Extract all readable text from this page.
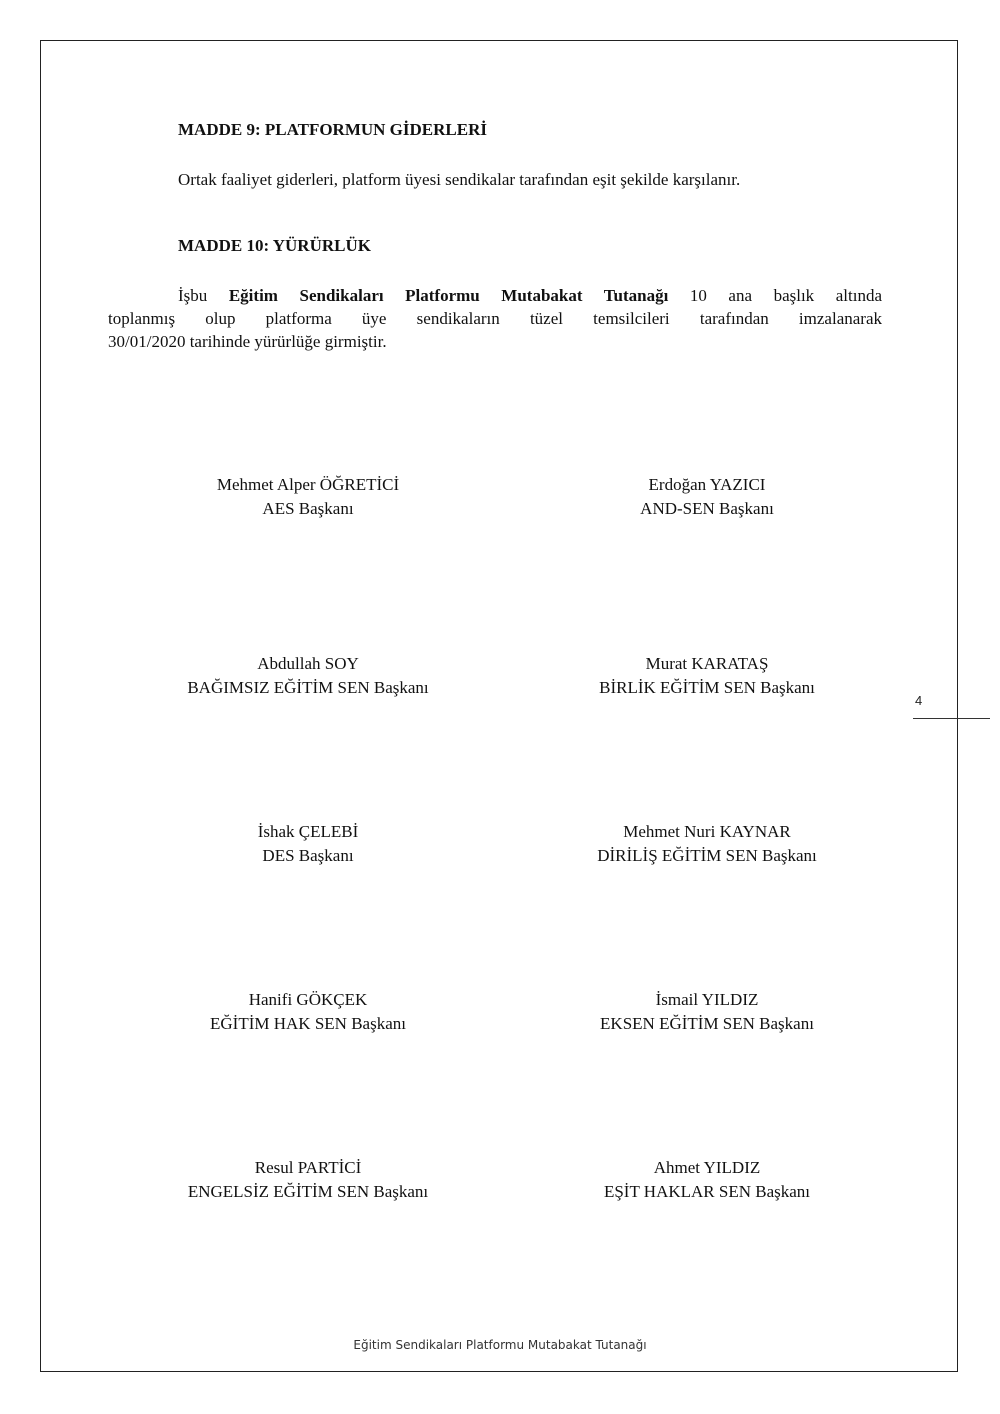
MADDE 9: PLATFORMUN GİDERLERİ
Ortak faaliyet giderleri, platform üyesi sendikalar tarafından eşit şekilde karşılanır.
MADDE 10: YÜRÜRLÜK
İşbu Eğitim Sendikaları Platformu Mutabakat Tutanağı 10 ana başlık altında
toplanmış olup platforma üye sendikaların tüzel temsilcileri tarafından imzalanarak
30/01/2020 tarihinde yürürlüğe girmiştir.
Mehmet Alper ÖĞRETİCİ
AES Başkanı
Erdoğan YAZICI
AND-SEN Başkanı
Abdullah SOY
BAĞIMSIZ EĞİTİM SEN Başkanı
Murat KARATAŞ
BİRLİK EĞİTİM SEN Başkanı
İshak ÇELEBİ
DES Başkanı
Mehmet Nuri KAYNAR
DİRİLİŞ EĞİTİM SEN Başkanı
Hanifi GÖKÇEK
EĞİTİM HAK SEN Başkanı
İsmail YILDIZ
EKSEN EĞİTİM SEN Başkanı
Resul PARTİCİ
ENGELSİZ EĞİTİM SEN Başkanı
Ahmet YILDIZ
EŞİT HAKLAR SEN Başkanı
4
Eğitim Sendikaları Platformu Mutabakat Tutanağı
